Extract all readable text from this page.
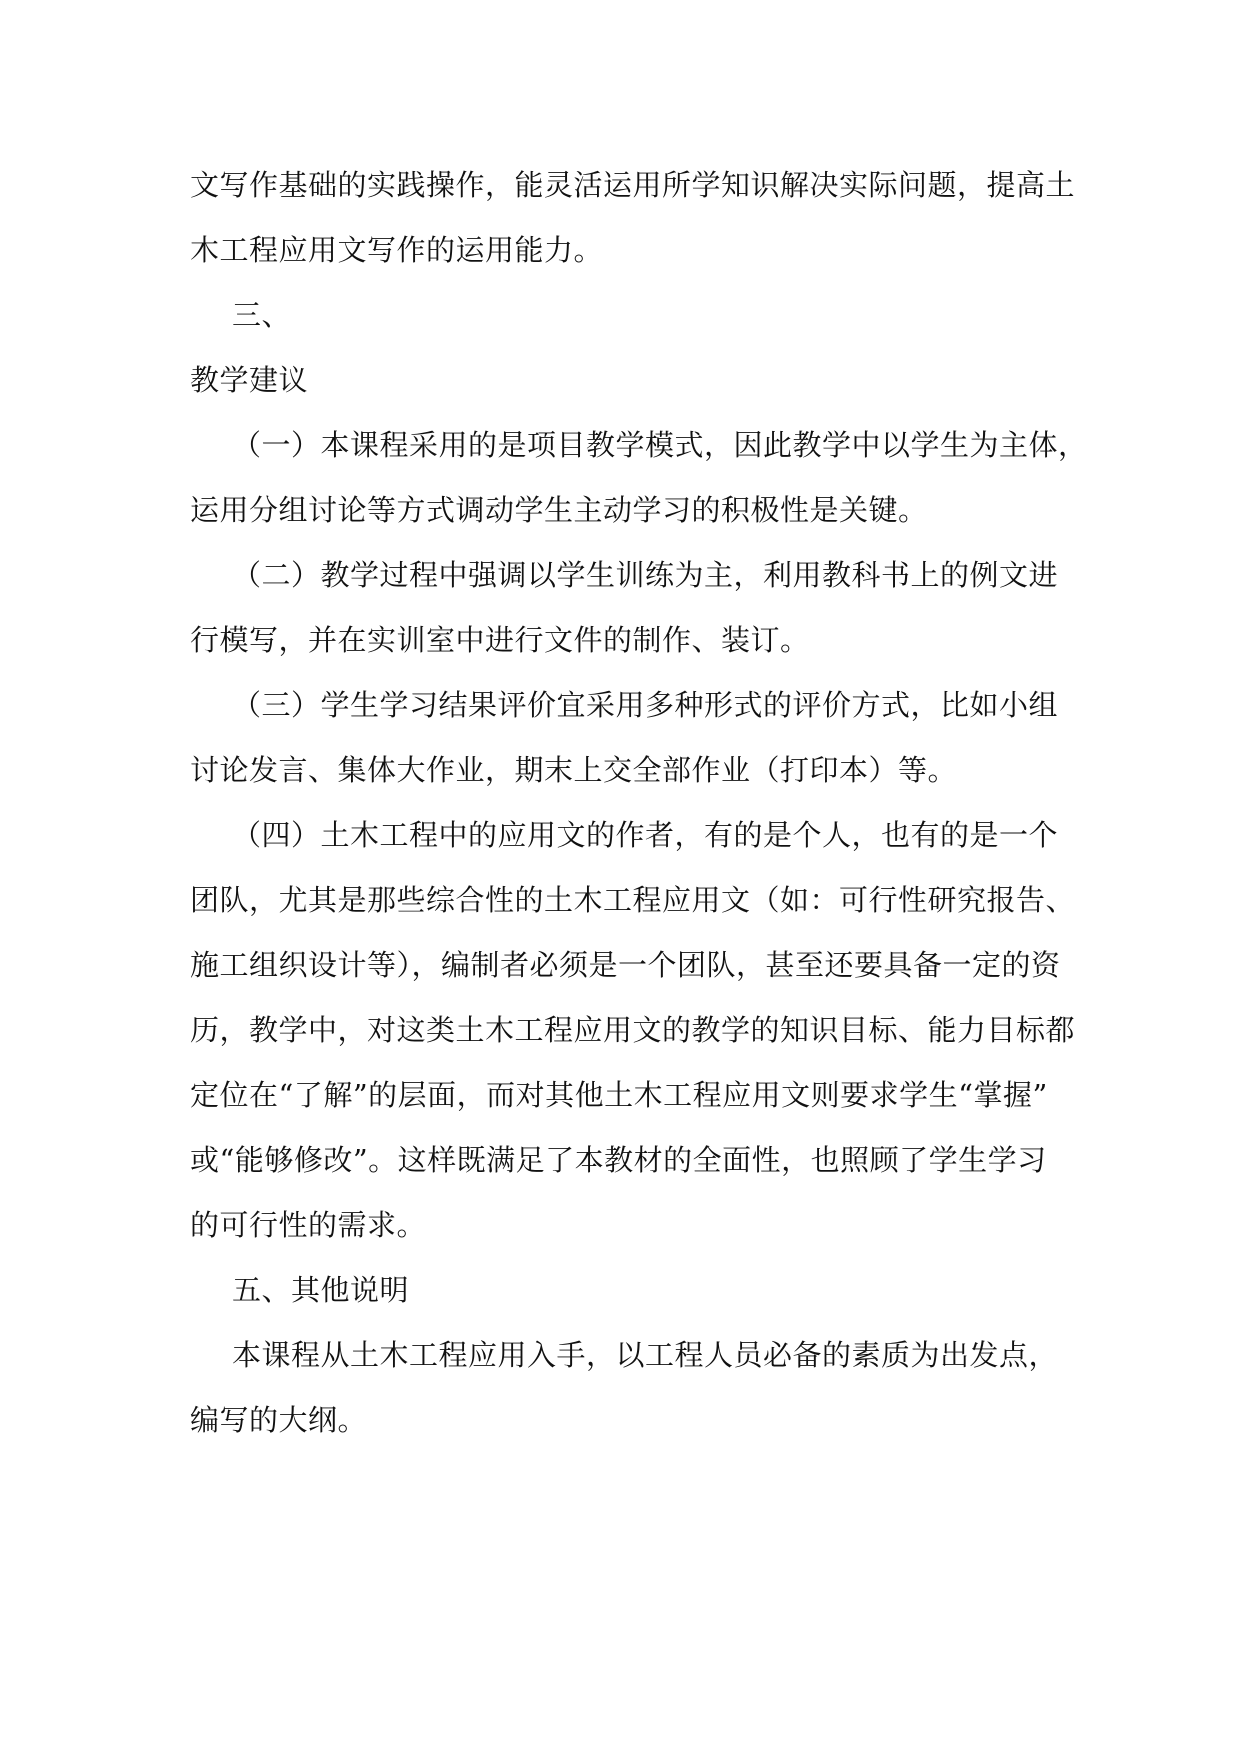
文写作基础的实践操作，能灵活运用所学知识解决实际问题，提高土
木工程应用文写作的运用能力。
三、
教学建议
（一）本课程采用的是项目教学模式，因此教学中以学生为主体，
运用分组讨论等方式调动学生主动学习的积极性是关键。
（二）教学过程中强调以学生训练为主，利用教科书上的例文进
行模写，并在实训室中进行文件的制作、装订。
（三）学生学习结果评价宜采用多种形式的评价方式，比如小组
讨论发言、集体大作业，期末上交全部作业（打印本）等。
（四）土木工程中的应用文的作者，有的是个人，也有的是一个
团队，尤其是那些综合性的土木工程应用文（如：可行性研究报告、
施工组织设计等），编制者必须是一个团队，甚至还要具备一定的资
历，教学中，对这类土木工程应用文的教学的知识目标、能力目标都
定位在“了解”的层面，而对其他土木工程应用文则要求学生“掌握”
或“能够修改”。这样既满足了本教材的全面性，也照顾了学生学习
的可行性的需求。
五、其他说明
本课程从土木工程应用入手，以工程人员必备的素质为出发点，
编写的大纲。
